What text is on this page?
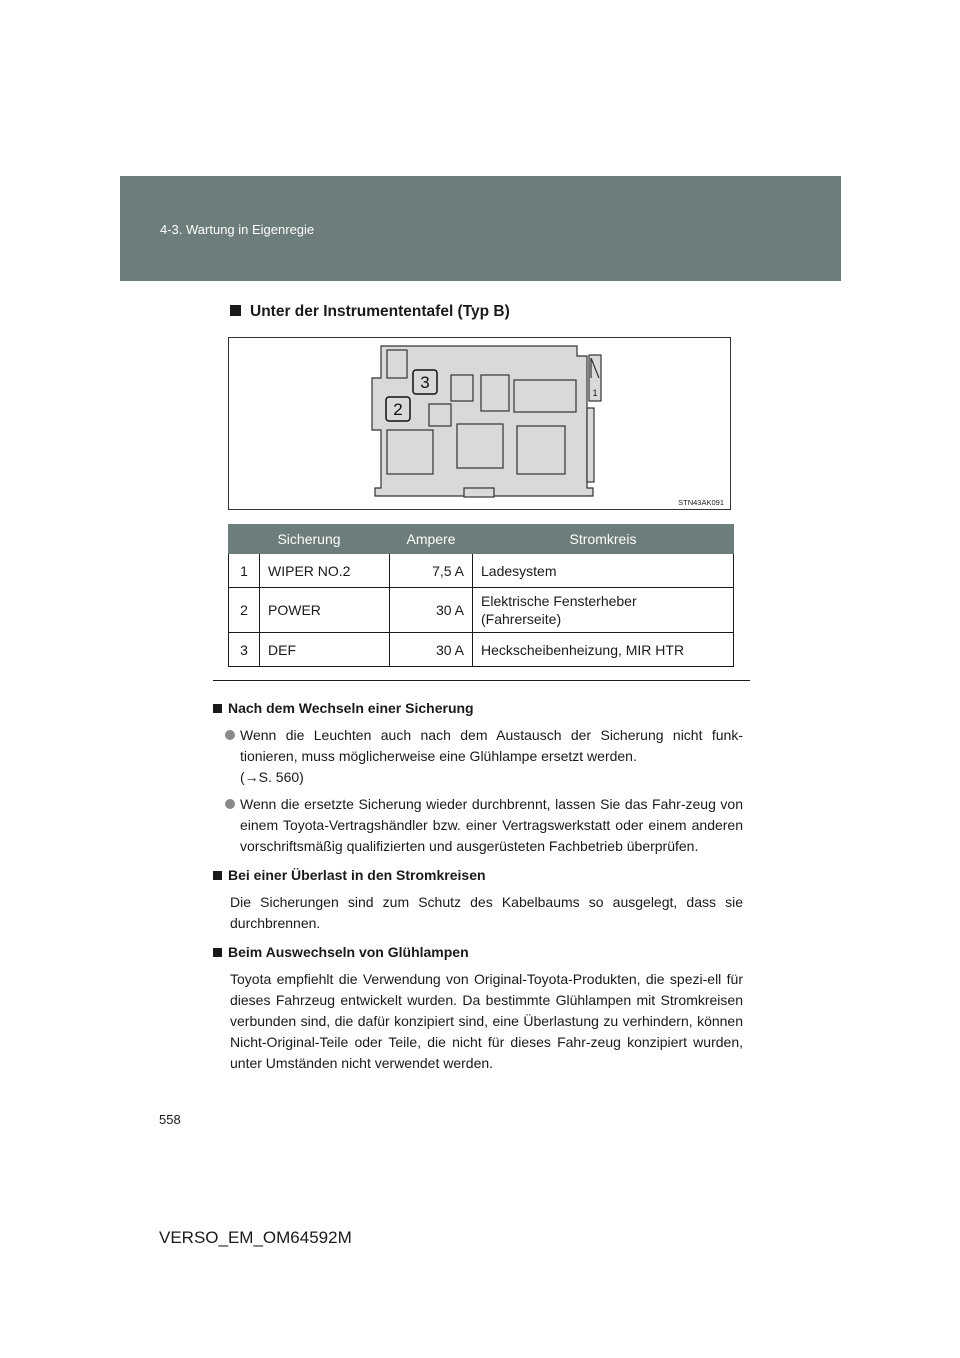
4-3. Wartung in Eigenregie
Unter der Instrumententafel (Typ B)
3
2
1
STN43AK091
Sicherung		Ampere	Stromkreis
1	WIPER NO.2	7,5 A	Ladesystem
2	POWER	30 A	Elektrische Fensterheber
(Fahrerseite)

3	DEF	30 A	Heckscheibenheizung, MIR HTR
Nach dem Wechseln einer Sicherung
Wenn die Leuchten auch nach dem Austausch der Sicherung nicht funk-tionieren, muss möglicherweise eine Glühlampe ersetzt werden.
(→S. 560)
Wenn die ersetzte Sicherung wieder durchbrennt, lassen Sie das Fahr-zeug von einem Toyota-Vertragshändler bzw. einer Vertragswerkstatt oder einem anderen vorschriftsmäßig qualifizierten und ausgerüsteten Fachbetrieb überprüfen.
Bei einer Überlast in den Stromkreisen
Die Sicherungen sind zum Schutz des Kabelbaums so ausgelegt, dass sie durchbrennen.
Beim Auswechseln von Glühlampen
Toyota empfiehlt die Verwendung von Original-Toyota-Produkten, die spezi-ell für dieses Fahrzeug entwickelt wurden. Da bestimmte Glühlampen mit Stromkreisen verbunden sind, die dafür konzipiert sind, eine Überlastung zu verhindern, können Nicht-Original-Teile oder Teile, die nicht für dieses Fahr-zeug konzipiert wurden, unter Umständen nicht verwendet werden.
558
VERSO_EM_OM64592M
